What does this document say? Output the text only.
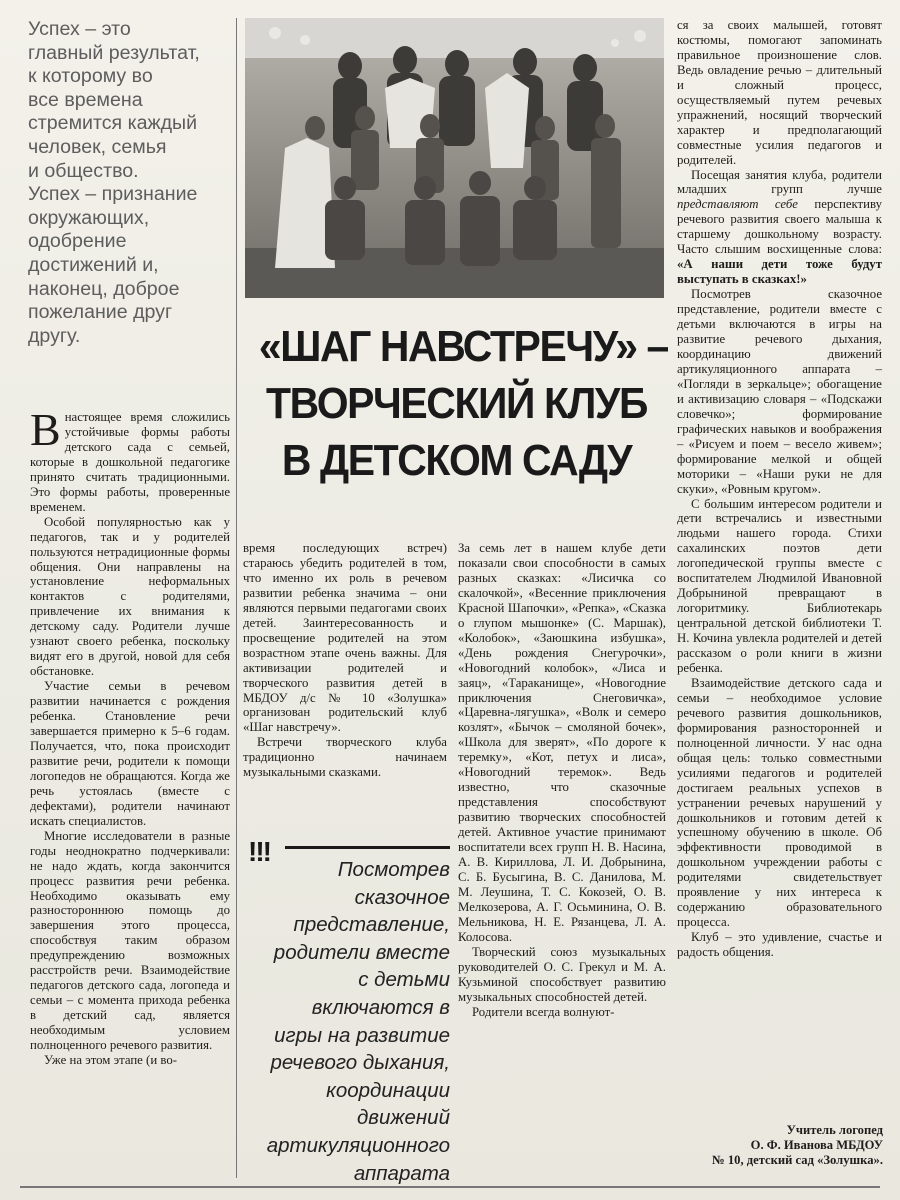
Успех – это

главный результат,

к которому во

все времена

стремится каждый

человек, семья

и общество.

Успех – признание

окружающих,

одобрение

достижений и,

наконец, доброе

пожелание друг

другу.	«ШАГ НАВСТРЕЧУ» –
ТВОРЧЕСКИЙ КЛУБ
В ДЕТСКОМ САДУ

Внастоящее время сложились устойчивые формы работы детского сада с семьей, которые в дошкольной педагогике принято считать традиционными. Это формы работы, проверенные временем.

Особой популярностью как у педагогов, так и у родителей пользуются нетрадиционные формы общения. Они направлены на установление неформальных контактов с родителями, привлечение их внимания к детскому саду. Родители лучше узнают своего ребенка, поскольку видят его в другой, новой для себя обстановке.

Участие семьи в речевом развитии начинается с рождения ребенка. Становление речи завершается примерно к 5–6 годам. Получается, что, пока происходит развитие речи, родители к помощи логопедов не обращаются. Когда же речь устоялась (вместе с дефектами), родители начинают искать специалистов.

Многие исследователи в разные годы неоднократно подчеркивали: не надо ждать, когда закончится процесс развития речи ребенка. Необходимо оказывать ему разностороннюю помощь до завершения этого процесса, способствуя таким образом предупреждению возможных расстройств речи. Взаимодействие педагогов детского сада, логопеда и семьи – с момента прихода ребенка в детский сад, является необходимым условием полноценного речевого развития.

Уже на этом этапе (и во-

время последующих встреч) стараюсь убедить родителей в том, что именно их роль в речевом развитии ребенка значима – они являются первыми педагогами своих детей. Заинтересованность и просвещение родителей на этом возрастном этапе очень важны. Для активизации родителей и творческого развития детей в МБДОУ д/с № 10 «Золушка» организован родительский клуб «Шаг навстречу».

Встречи творческого клуба традиционно начинаем музыкальными сказками.

!!!
Посмотрев сказочное представление, родители вместе с детьми включаются в игры на развитие речевого дыхания, координации движений артикуляционного аппарата

За семь лет в нашем клубе дети показали свои способности в самых разных сказках: «Лисичка со скалочкой», «Весенние приключения Красной Шапочки», «Репка», «Сказка о глупом мышонке» (С. Маршак), «Колобок», «Заюшкина избушка», «День рождения Снегурочки», «Новогодний колобок», «Лиса и заяц», «Тараканище», «Новогодние приключения Снеговичка», «Царевна-лягушка», «Волк и семеро козлят», «Бычок – смоляной бочек», «Школа для зверят», «По дороге к теремку», «Кот, петух и лиса», «Новогодний теремок». Ведь известно, что сказочные представления способствуют развитию творческих способностей детей. Активное участие принимают воспитатели всех групп Н. В. Насина, А. В. Кириллова, Л. И. Добрынина, С. Б. Бусыгина, В. С. Данилова, М. М. Леушина, Т. С. Кокозей, О. В. Мелкозерова, А. Г. Осьминина, О. В. Мельникова, Н. Е. Рязанцева, Л. А. Колосова.

Творческий союз музыкальных руководителей О. С. Грекул и М. А. Кузьминой способствует развитию музыкальных способностей детей.

Родители всегда волнуют-

ся за своих малышей, готовят костюмы, помогают запоминать правильное произношение слов. Ведь овладение речью – длительный и сложный процесс, осуществляемый путем речевых упражнений, носящий творческий характер и предполагающий совместные усилия педагогов и родителей.

Посещая занятия клуба, родители младших групп лучше представляют себе перспективу речевого развития своего малыша к старшему дошкольному возрасту. Часто слышим восхищенные слова: «А наши дети тоже будут выступать в сказках!»

Посмотрев сказочное представление, родители вместе с детьми включаются в игры на развитие речевого дыхания, координацию движений артикуляционного аппарата – «Погляди в зеркальце»; обогащение и активизацию словаря – «Подскажи словечко»; формирование графических навыков и воображения – «Рисуем и поем – весело живем»; формирование мелкой и общей моторики – «Наши руки не для скуки», «Ровным кругом».

С большим интересом родители и дети встречались и известными людьми нашего города. Стихи сахалинских поэтов дети логопедической группы вместе с воспитателем Людмилой Ивановной Добрыниной превращают в логоритмику. Библиотекарь центральной детской библиотеки Т. Н. Кочина увлекла родителей и детей рассказом о роли книги в жизни ребенка.

Взаимодействие детского сада и семьи – необходимое условие речевого развития дошкольников, формирования разносторонней и полноценной личности. У нас одна общая цель: только совместными усилиями педагогов и родителей достигаем реальных успехов в устранении речевых нарушений у дошкольников и готовим детей к успешному обучению в школе. Об эффективности проводимой в дошкольном учреждении работы с родителями свидетельствует проявление у них интереса к содержанию образовательного процесса.

Клуб – это удивление, счастье и радость общения.

Учитель логопед
О. Ф. Иванова МБДОУ
№ 10, детский сад «Золушка».
